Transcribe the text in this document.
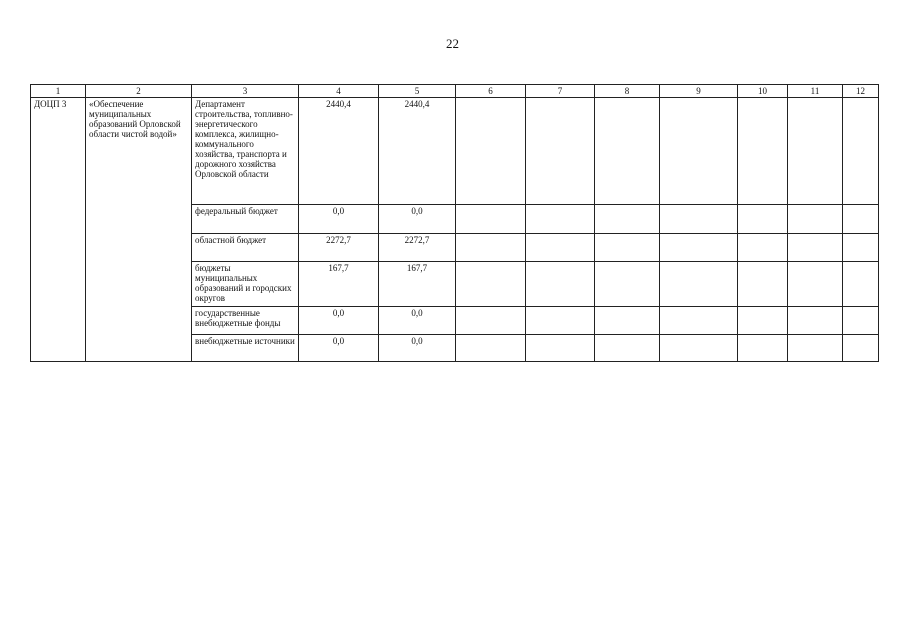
22
1	2	3	4	5	6	7	8	9	10	11	12
ДОЦП 3	«Обеспечение муниципальных образований Орловской области чистой водой»	Департамент строительства, топливно-энергетического комплекса, жилищно-коммунального хозяйства, транспорта и дорожного хозяйства Орловской области	2440,4	2440,4							
		федеральный бюджет	0,0	0,0							
		областной бюджет	2272,7	2272,7							
		бюджеты муниципальных образований и городских округов	167,7	167,7							
		государственные внебюджетные фонды	0,0	0,0							
		внебюджетные источники	0,0	0,0							
